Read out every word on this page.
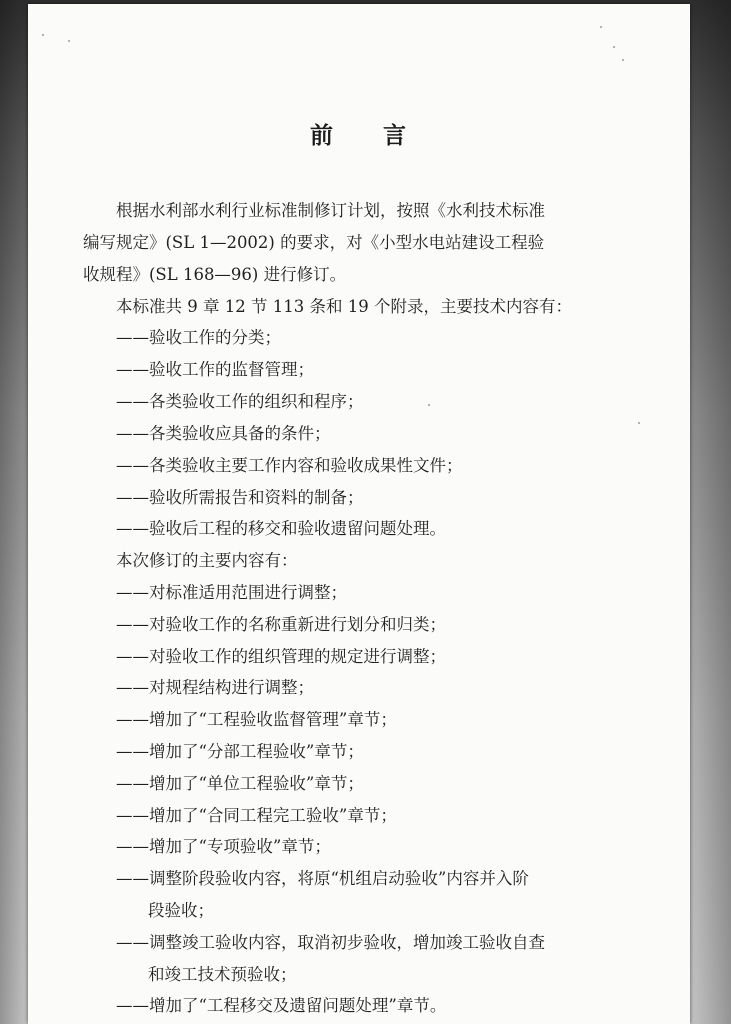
前 言
根据水利部水利行业标准制修订计划，按照《水利技术标准
编写规定》(SL 1—2002) 的要求，对《小型水电站建设工程验
收规程》(SL 168—96) 进行修订。
本标准共 9 章 12 节 113 条和 19 个附录，主要技术内容有：
——验收工作的分类；
——验收工作的监督管理；
——各类验收工作的组织和程序；
——各类验收应具备的条件；
——各类验收主要工作内容和验收成果性文件；
——验收所需报告和资料的制备；
——验收后工程的移交和验收遗留问题处理。
本次修订的主要内容有：
——对标准适用范围进行调整；
——对验收工作的名称重新进行划分和归类；
——对验收工作的组织管理的规定进行调整；
——对规程结构进行调整；
——增加了“工程验收监督管理”章节；
——增加了“分部工程验收”章节；
——增加了“单位工程验收”章节；
——增加了“合同工程完工验收”章节；
——增加了“专项验收”章节；
——调整阶段验收内容，将原“机组启动验收”内容并入阶
段验收；
——调整竣工验收内容，取消初步验收，增加竣工验收自查
和竣工技术预验收；
——增加了“工程移交及遗留问题处理”章节。
